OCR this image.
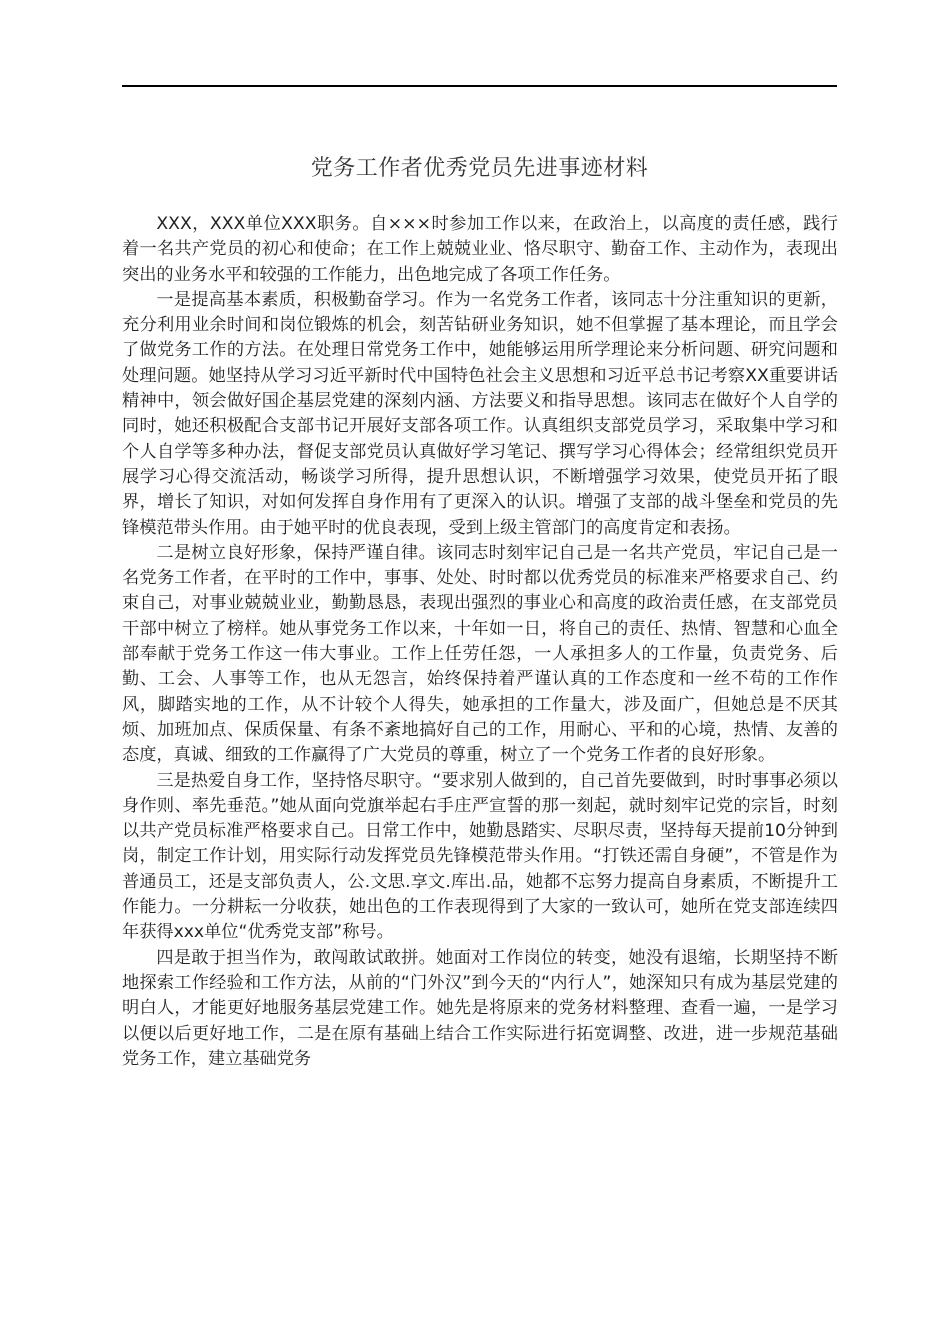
党务工作者优秀党员先进事迹材料

XXX，XXX单位XXX职务。自×××时参加工作以来，在政治上，以高度的责任感，践行着一名共产党员的初心和使命；在工作上兢兢业业、恪尽职守、勤奋工作、主动作为，表现出突出的业务水平和较强的工作能力，出色地完成了各项工作任务。

一是提高基本素质，积极勤奋学习。作为一名党务工作者，该同志十分注重知识的更新，充分利用业余时间和岗位锻炼的机会，刻苦钻研业务知识，她不但掌握了基本理论，而且学会了做党务工作的方法。在处理日常党务工作中，她能够运用所学理论来分析问题、研究问题和处理问题。她坚持从学习习近平新时代中国特色社会主义思想和习近平总书记考察XX重要讲话精神中，领会做好国企基层党建的深刻内涵、方法要义和指导思想。该同志在做好个人自学的同时，她还积极配合支部书记开展好支部各项工作。认真组织支部党员学习，采取集中学习和个人自学等多种办法，督促支部党员认真做好学习笔记、撰写学习心得体会；经常组织党员开展学习心得交流活动，畅谈学习所得，提升思想认识，不断增强学习效果，使党员开拓了眼界，增长了知识，对如何发挥自身作用有了更深入的认识。增强了支部的战斗堡垒和党员的先锋模范带头作用。由于她平时的优良表现，受到上级主管部门的高度肯定和表扬。

二是树立良好形象，保持严谨自律。该同志时刻牢记自己是一名共产党员，牢记自己是一名党务工作者，在平时的工作中，事事、处处、时时都以优秀党员的标准来严格要求自己、约束自己，对事业兢兢业业，勤勤恳恳，表现出强烈的事业心和高度的政治责任感，在支部党员干部中树立了榜样。她从事党务工作以来，十年如一日，将自己的责任、热情、智慧和心血全部奉献于党务工作这一伟大事业。工作上任劳任怨，一人承担多人的工作量，负责党务、后勤、工会、人事等工作，也从无怨言，始终保持着严谨认真的工作态度和一丝不苟的工作作风，脚踏实地的工作，从不计较个人得失，她承担的工作量大，涉及面广，但她总是不厌其烦、加班加点、保质保量、有条不紊地搞好自己的工作，用耐心、平和的心境，热情、友善的态度，真诚、细致的工作赢得了广大党员的尊重，树立了一个党务工作者的良好形象。

三是热爱自身工作，坚持恪尽职守。“要求别人做到的，自己首先要做到，时时事事必须以身作则、率先垂范。”她从面向党旗举起右手庄严宣誓的那一刻起，就时刻牢记党的宗旨，时刻以共产党员标准严格要求自己。日常工作中，她勤恳踏实、尽职尽责，坚持每天提前10分钟到岗，制定工作计划，用实际行动发挥党员先锋模范带头作用。“打铁还需自身硬”，不管是作为普通员工，还是支部负责人，公.文思.享文.库出.品，她都不忘努力提高自身素质，不断提升工作能力。一分耕耘一分收获，她出色的工作表现得到了大家的一致认可，她所在党支部连续四年获得xxx单位“优秀党支部”称号。

四是敢于担当作为，敢闯敢试敢拼。她面对工作岗位的转变，她没有退缩，长期坚持不断地探索工作经验和工作方法，从前的“门外汉”到今天的“内行人”，她深知只有成为基层党建的明白人，才能更好地服务基层党建工作。她先是将原来的党务材料整理、查看一遍，一是学习以便以后更好地工作，二是在原有基础上结合工作实际进行拓宽调整、改进，进一步规范基础党务工作，建立基础党务
